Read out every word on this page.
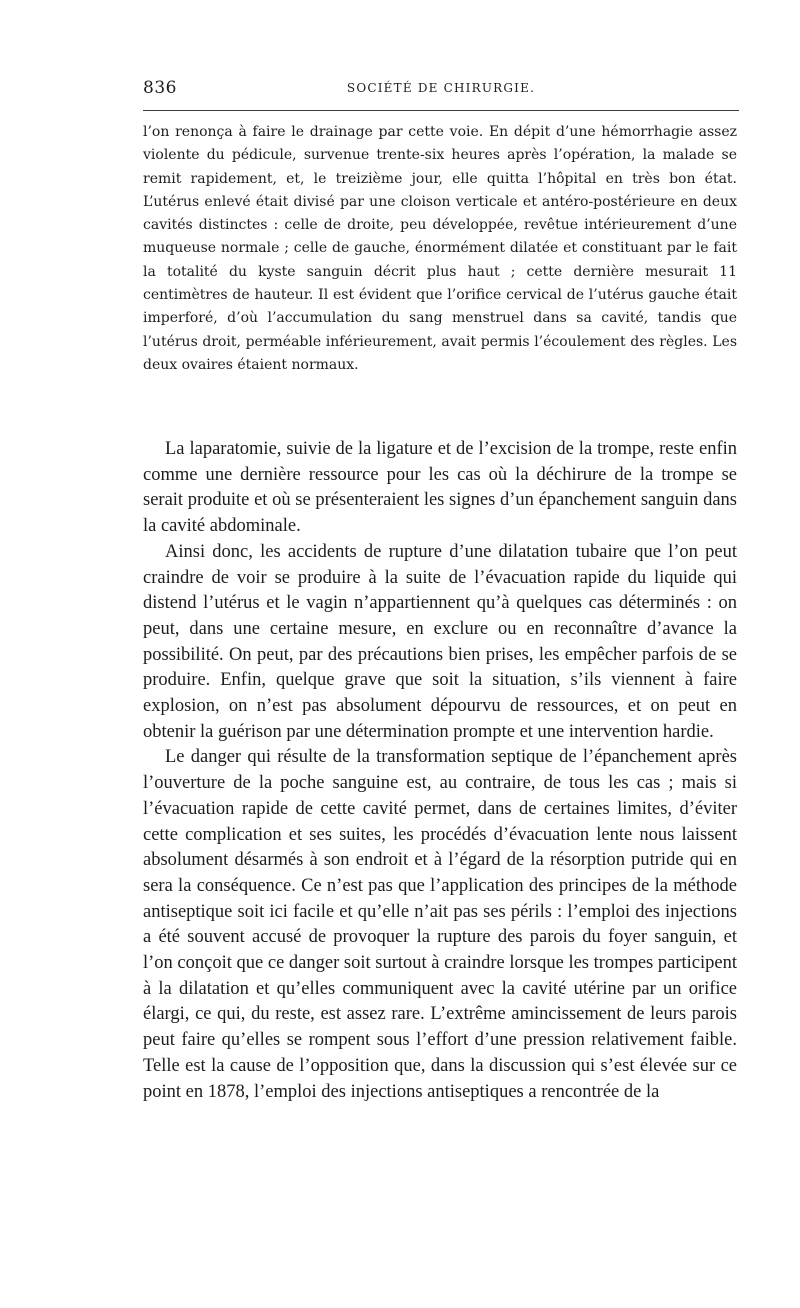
836	SOCIÉTÉ DE CHIRURGIE.

l’on renonça à faire le drainage par cette voie. En dépit d’une hémorrhagie assez violente du pédicule, survenue trente-six heures après l’opération, la malade se remit rapidement, et, le treizième jour, elle quitta l’hôpital en très bon état. L’utérus enlevé était divisé par une cloison verticale et antéro-postérieure en deux cavités distinctes : celle de droite, peu développée, revêtue intérieurement d’une muqueuse normale ; celle de gauche, énormément dilatée et constituant par le fait la totalité du kyste sanguin décrit plus haut ; cette dernière mesurait 11 centimètres de hauteur. Il est évident que l’orifice cervical de l’utérus gauche était imperforé, d’où l’accumulation du sang menstruel dans sa cavité, tandis que l’utérus droit, perméable inférieurement, avait permis l’écoulement des règles. Les deux ovaires étaient normaux.

La laparatomie, suivie de la ligature et de l’excision de la trompe, reste enfin comme une dernière ressource pour les cas où la déchirure de la trompe se serait produite et où se présenteraient les signes d’un épanchement sanguin dans la cavité abdominale.

Ainsi donc, les accidents de rupture d’une dilatation tubaire que l’on peut craindre de voir se produire à la suite de l’évacuation rapide du liquide qui distend l’utérus et le vagin n’appartiennent qu’à quelques cas déterminés : on peut, dans une certaine mesure, en exclure ou en reconnaître d’avance la possibilité. On peut, par des précautions bien prises, les empêcher parfois de se produire. Enfin, quelque grave que soit la situation, s’ils viennent à faire explosion, on n’est pas absolument dépourvu de ressources, et on peut en obtenir la guérison par une détermination prompte et une intervention hardie.

Le danger qui résulte de la transformation septique de l’épanchement après l’ouverture de la poche sanguine est, au contraire, de tous les cas ; mais si l’évacuation rapide de cette cavité permet, dans de certaines limites, d’éviter cette complication et ses suites, les procédés d’évacuation lente nous laissent absolument désarmés à son endroit et à l’égard de la résorption putride qui en sera la conséquence. Ce n’est pas que l’application des principes de la méthode antiseptique soit ici facile et qu’elle n’ait pas ses périls : l’emploi des injections a été souvent accusé de provoquer la rupture des parois du foyer sanguin, et l’on conçoit que ce danger soit surtout à craindre lorsque les trompes participent à la dilatation et qu’elles communiquent avec la cavité utérine par un orifice élargi, ce qui, du reste, est assez rare. L’extrême amincissement de leurs parois peut faire qu’elles se rompent sous l’effort d’une pression relativement faible. Telle est la cause de l’opposition que, dans la discussion qui s’est élevée sur ce point en 1878, l’emploi des injections antiseptiques a rencontrée de la
